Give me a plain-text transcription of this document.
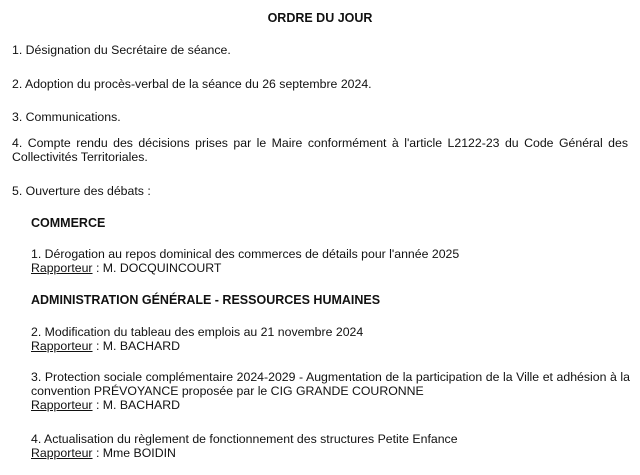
ORDRE DU JOUR

1. Désignation du Secrétaire de séance.

2. Adoption du procès-verbal de la séance du 26 septembre 2024.

3. Communications.

4. Compte rendu des décisions prises par le Maire conformément à l'article L2122-23 du Code Général des Collectivités Territoriales.

5. Ouverture des débats :

COMMERCE
1. Dérogation au repos dominical des commerces de détails pour l'année 2025
Rapporteur : M. DOCQUINCOURT
ADMINISTRATION GÉNÉRALE - RESSOURCES HUMAINES
2. Modification du tableau des emplois au 21 novembre 2024
Rapporteur : M. BACHARD
3. Protection sociale complémentaire 2024-2029 - Augmentation de la participation de la Ville et adhésion à la convention PRÉVOYANCE proposée par le CIG GRANDE COURONNE
Rapporteur : M. BACHARD
4. Actualisation du règlement de fonctionnement des structures Petite Enfance
Rapporteur : Mme BOIDIN
